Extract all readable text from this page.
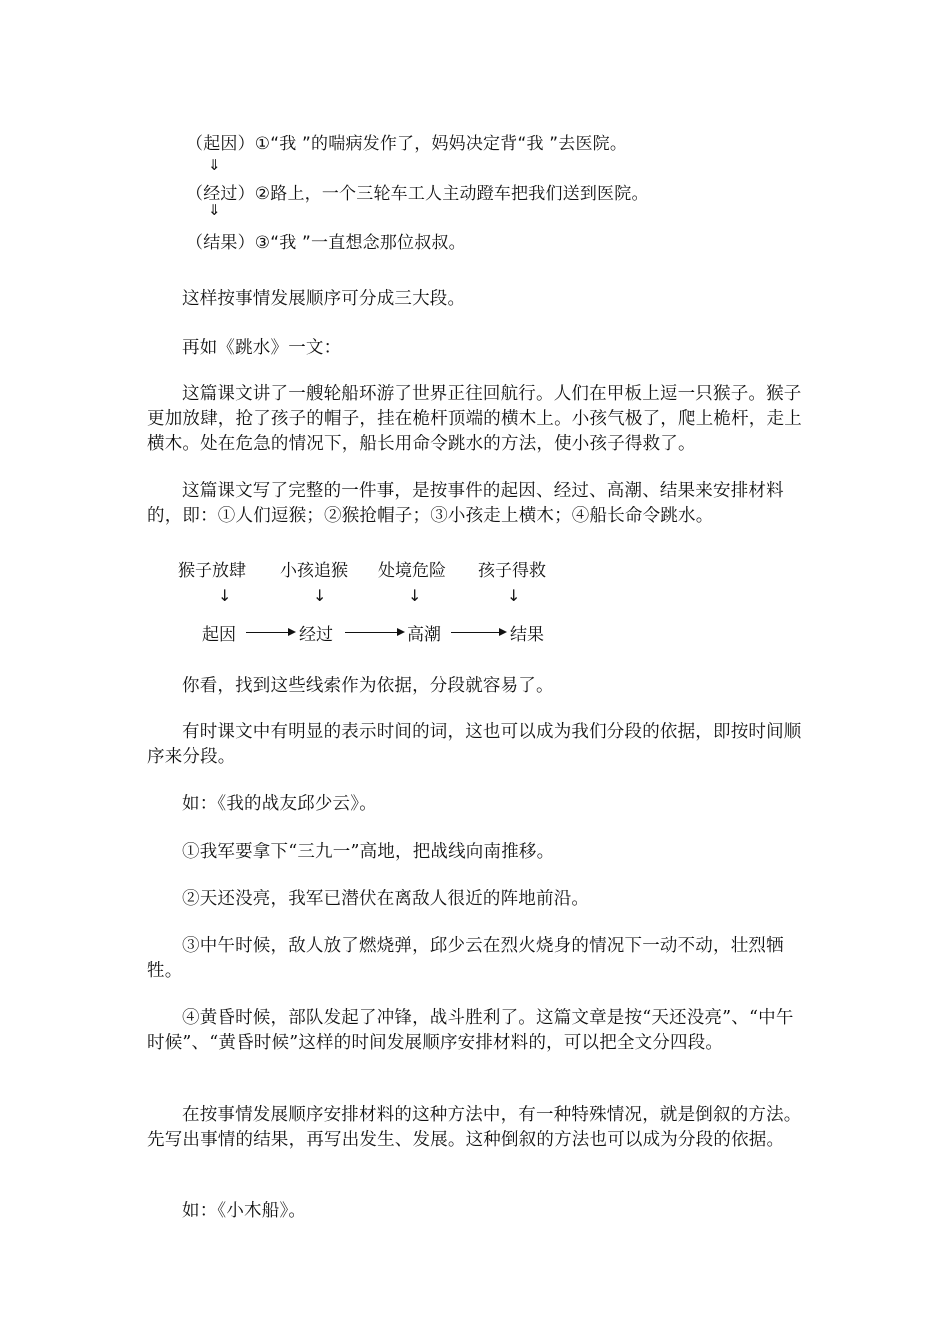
（起因）①“我 ”的喘病发作了，妈妈决定背“我 ”去医院。
⇓
（经过）②路上，一个三轮车工人主动蹬车把我们送到医院。
⇓
（结果）③“我 ”一直想念那位叔叔。

这样按事情发展顺序可分成三大段。

再如《跳水》一文：

这篇课文讲了一艘轮船环游了世界正往回航行。人们在甲板上逗一只猴子。猴子更加放肆，抢了孩子的帽子，挂在桅杆顶端的横木上。小孩气极了，爬上桅杆，走上横木。处在危急的情况下，船长用命令跳水的方法，使小孩子得救了。

这篇课文写了完整的一件事，是按事件的起因、经过、高潮、结果来安排材料的，即：①人们逗猴；②猴抢帽子；③小孩走上横木；④船长命令跳水。

猴子放肆 小孩追猴 处境危险 孩子得救
↓	↓	↓	↓
起因	经过	高潮	结果

你看，找到这些线索作为依据，分段就容易了。

有时课文中有明显的表示时间的词，这也可以成为我们分段的依据，即按时间顺序来分段。

如：《我的战友邱少云》。

①我军要拿下“三九一”高地，把战线向南推移。

②天还没亮，我军已潜伏在离敌人很近的阵地前沿。

③中午时候，敌人放了燃烧弹，邱少云在烈火烧身的情况下一动不动，壮烈牺牲。

④黄昏时候，部队发起了冲锋，战斗胜利了。这篇文章是按“天还没亮”、“中午时候”、“黄昏时候”这样的时间发展顺序安排材料的，可以把全文分四段。

在按事情发展顺序安排材料的这种方法中，有一种特殊情况，就是倒叙的方法。先写出事情的结果，再写出发生、发展。这种倒叙的方法也可以成为分段的依据。

如：《小木船》。
